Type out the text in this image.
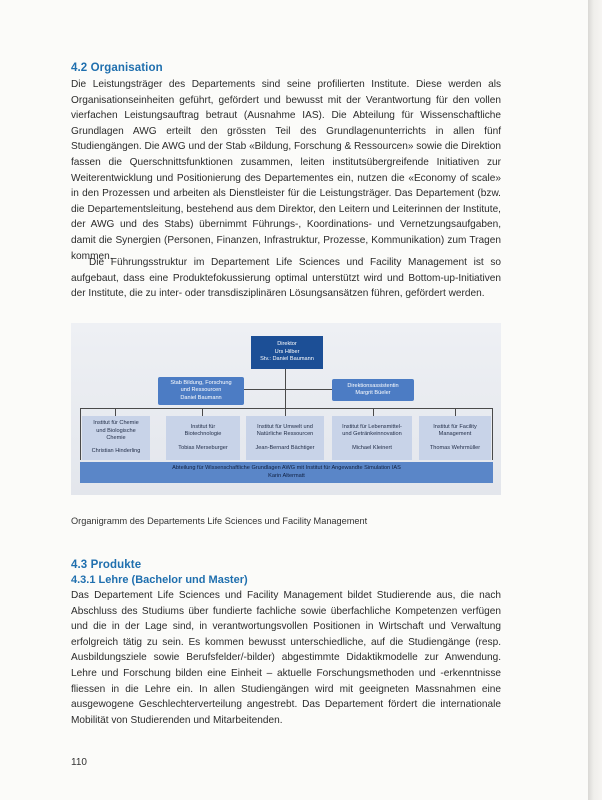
4.2 Organisation
Die Leistungsträger des Departements sind seine profilierten Institute. Diese werden als Organisationseinheiten geführt, gefördert und bewusst mit der Verantwortung für den vollen vierfachen Leistungsauftrag betraut (Ausnahme IAS). Die Abteilung für Wissenschaftliche Grundlagen AWG erteilt den grössten Teil des Grundlagenunterrichts in allen fünf Studiengängen. Die AWG und der Stab «Bildung, Forschung & Ressourcen» sowie die Direktion fassen die Querschnittsfunktionen zusammen, leiten institutsübergreifende Initiativen zur Weiterentwicklung und Positionierung des Departementes ein, nutzen die «Economy of scale» in den Prozessen und arbeiten als Dienstleister für die Leistungsträger. Das Departement (bzw. die Departementsleitung, bestehend aus dem Direktor, den Leitern und Leiterinnen der Institute, der AWG und des Stabs) übernimmt Führungs-, Koordinations- und Vernetzungsaufgaben, damit die Synergien (Personen, Finanzen, Infrastruktur, Prozesse, Kommunikation) zum Tragen kommen.
Die Führungsstruktur im Departement Life Sciences und Facility Management ist so aufgebaut, dass eine Produktefokussierung optimal unterstützt wird und Bottom-up-Initiativen der Institute, die zu inter- oder transdisziplinären Lösungsansätzen führen, gefördert werden.
Direktor
Urs Hilber
Stv.: Daniel Baumann
Stab Bildung, Forschung
und Ressourcen
Daniel Baumann
Direktionsassistentin
Margrit Büeler
Institut für Chemie und Biologische Chemie
Christian Hinderling
Institut für Biotechnologie
Tobias Merseburger
Institut für Umwelt und Natürliche Ressourcen
Jean-Bernard Bächtiger
Institut für Lebensmittel- und Getränkeinnovation
Michael Kleinert
Institut für Facility Management
Thomas Wehrmüller
Abteilung für Wissenschaftliche Grundlagen AWG mit Institut für Angewandte Simulation IAS
Karin Altermatt
Organigramm des Departements Life Sciences und Facility Management
4.3 Produkte
4.3.1 Lehre (Bachelor und Master)
Das Departement Life Sciences und Facility Management bildet Studierende aus, die nach Abschluss des Studiums über fundierte fachliche sowie überfachliche Kompetenzen verfügen und die in der Lage sind, in verantwortungsvollen Positionen in Wirtschaft und Verwaltung erfolgreich tätig zu sein. Es kommen bewusst unterschiedliche, auf die Studiengänge (resp. Ausbildungsziele sowie Berufsfelder/-bilder) abgestimmte Didaktikmodelle zur Anwendung. Lehre und Forschung bilden eine Einheit – aktuelle Forschungsmethoden und -erkenntnisse fliessen in die Lehre ein. In allen Studiengängen wird mit geeigneten Massnahmen eine ausgewogene Geschlechterverteilung angestrebt. Das Departement fördert die internationale Mobilität von Studierenden und Mitarbeitenden.
110
